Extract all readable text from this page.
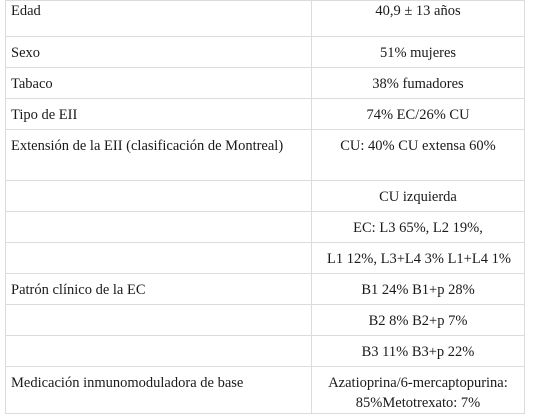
Edad	40,9 ± 13 años
Sexo	51% mujeres
Tabaco	38% fumadores
Tipo de EII	74% EC/26% CU
Extensión de la EII (clasificación de Montreal)	CU: 40% CU extensa 60%
	CU izquierda
	EC: L3 65%, L2 19%,
	L1 12%, L3+L4 3% L1+L4 1%
Patrón clínico de la EC	B1 24% B1+p 28%
	B2 8% B2+p 7%
	B3 11% B3+p 22%
Medicación inmunomoduladora de base	Azatioprina/6-mercaptopurina: 85%Metotrexato: 7%
